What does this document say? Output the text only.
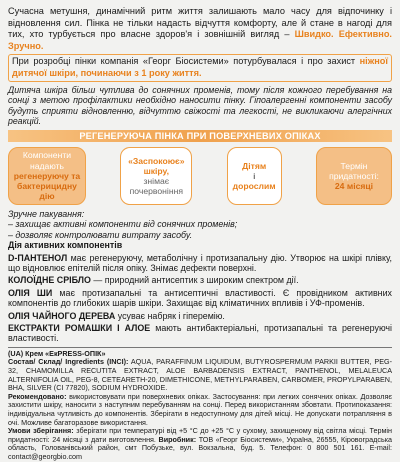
Сучасна метушня, динамічний ритм життя залишають мало часу для відпочинку і відновлення сил. Пінка не тільки надасть відчуття комфорту, але й стане в нагоді для тих, хто турбується про власне здоров'я і зовнішній вигляд – Швидко. Ефективно. Зручно.
При розробці пінки компанія «Георг Біосистеми» потурбувалася і про захист ніжної дитячої шкіри, починаючи з 1 року життя.
Дитяча шкіра більш чутлива до сонячних променів, тому після кожного перебування на сонці з метою профілактики необхідно наносити пінку. Гіпоалергенні компоненти засобу будуть сприяти відновленню, відчуттю свіжості та легкості, не викликаючи алергічних реакцій.
РЕГЕНЕРУЮЧА ПІНКА ПРИ ПОВЕРХНЕВИХ ОПІКАХ
Компоненти надають
регенеруючу та бактерицидну дію
«Заспокоює»
шкіру,
знімає почервоніння
Дітям
і
дорослим
Термін придатності:
24 місяці
Зручне пакування:
– захищає активні компоненти від сонячних променів;
– дозволяє контролювати витрату засобу.
Дія активних компонентів
D-ПАНТЕНОЛ має регенеруючу, метаболічну і протизапальну дію. Утворює на шкірі плівку, що відновлює епітелій після опіку. Знімає дефекти поверхні.
КОЛОЇДНЕ СРІБЛО — природний антисептик з широким спектром дії.
ОЛІЯ ШИ має протизапальні та антисептичні властивості. Є провідником активних компонентів до глибоких шарів шкіри. Захищає від кліматичних впливів і УФ-променів.
ОЛІЯ ЧАЙНОГО ДЕРЕВА усуває набряк і гіперемію.
ЕКСТРАКТИ РОМАШКИ І АЛОЕ мають антибактеріальні, протизапальні та регенеруючі властивості.
(UA) Крем «ЕкPRESS-ОПІК»
Состав/ Склад/ Ingredients (INCI): AQUA, PARAFFINUM LIQUIDUM, BUTYROSPERMUM PARKII BUTTER, PEG-32, CHAMOMILLA RECUTITA EXTRACT, ALOE BARBADENSIS EXTRACT, PANTHENOL, MELALEUCA ALTERNIFOLIA OIL, PEG-8, CETEARETH-20, DIMETHICONE, METHYLPARABEN, CARBOMER, PROPYLPARABEN, BHA, SILVER (CI 77820), SODIUM HYDROXIDE.
Рекомендовано: використовувати при поверхневих опіках. Застосування: при легких сонячних опіках. Дозволяє захистити шкіру, наносити з наступним перебуванням на сонці. Перед використанням збовтати. Протипоказання: індивідуальна чутливість до компонентів. Зберігати в недоступному для дітей місці. Не допускати потрапляння в очі. Можливе багаторазове використання.
Умови зберігання: зберігати при температурі від +5 °С до +25 °С у сухому, захищеному від світла місці. Термін придатності: 24 місяці з дати виготовлення. Виробник: ТОВ «Георг Біосистеми», Україна, 26555, Кіровоградська область, Голованівський район, смт Побузьке, вул. Вокзальна, буд. 5. Телефон: 0 800 501 161. E-mail: contact@georgbio.com
